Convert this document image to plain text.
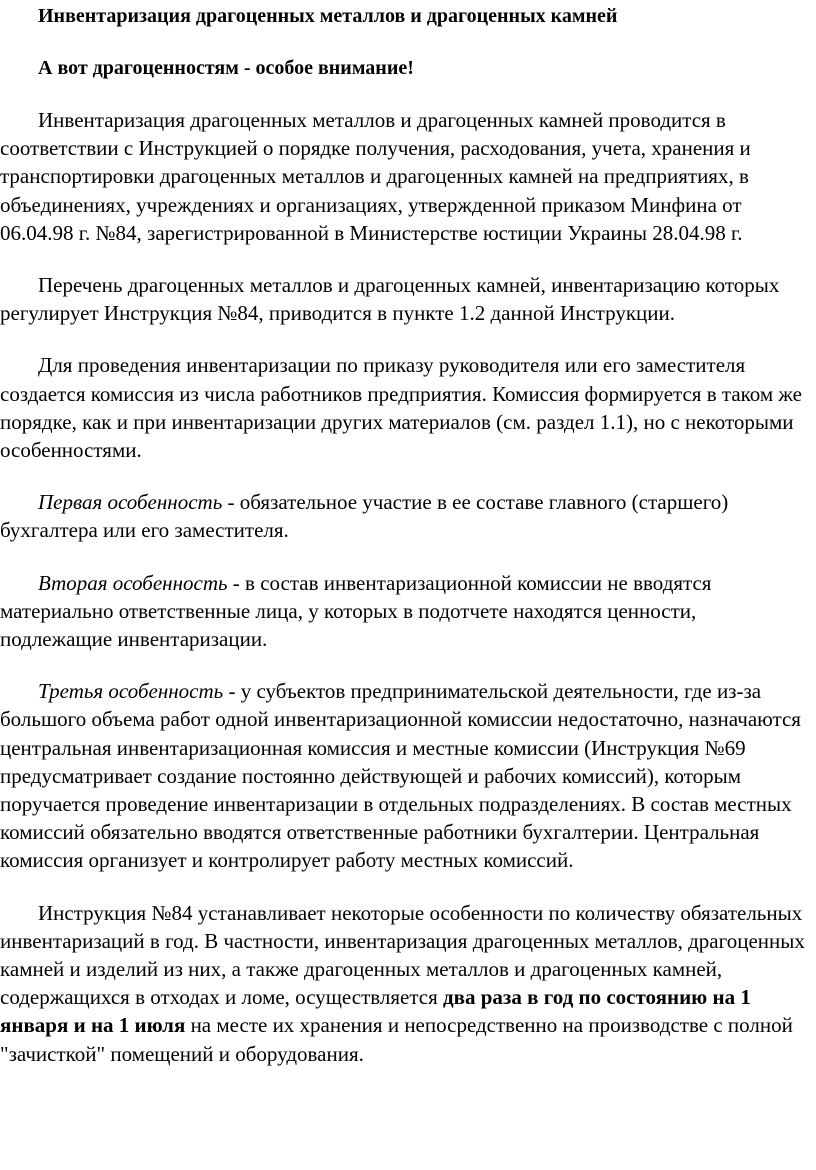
Инвентаризация драгоценных металлов и драгоценных камней
А вот драгоценностям - особое внимание!

Инвентаризация драгоценных металлов и драгоценных камней проводится в соответствии с Инструкцией о порядке получения, расходования, учета, хранения и транспортировки драгоценных металлов и драгоценных камней на предприятиях, в объединениях, учреждениях и организациях, утвержденной приказом Минфина от 06.04.98 г. №84, зарегистрированной в Министерстве юстиции Украины 28.04.98 г.

Перечень драгоценных металлов и драгоценных камней, инвентаризацию которых регулирует Инструкция №84, приводится в пункте 1.2 данной Инструкции.

Для проведения инвентаризации по приказу руководителя или его заместителя создается комиссия из числа работников предприятия. Комиссия формируется в таком же порядке, как и при инвентаризации других материалов (см. раздел 1.1), но с некоторыми особенностями.

Первая особенность - обязательное участие в ее составе главного (старшего) бухгалтера или его заместителя.

Вторая особенность - в состав инвентаризационной комиссии не вводятся материально ответственные лица, у которых в подотчете находятся ценности, подлежащие инвентаризации.

Третья особенность - у субъектов предпринимательской деятельности, где из-за большого объема работ одной инвентаризационной комиссии недостаточно, назначаются центральная инвентаризационная комиссия и местные комиссии (Инструкция №69 предусматривает создание постоянно действующей и рабочих комиссий), которым поручается проведение инвентаризации в отдельных подразделениях. В состав местных комиссий обязательно вводятся ответственные работники бухгалтерии. Центральная комиссия организует и контролирует работу местных комиссий.

Инструкция №84 устанавливает некоторые особенности по количеству обязательных инвентаризаций в год. В частности, инвентаризация драгоценных металлов, драгоценных камней и изделий из них, а также драгоценных металлов и драгоценных камней, содержащихся в отходах и ломе, осуществляется два раза в год по состоянию на 1 января и на 1 июля на месте их хранения и непосредственно на производстве с полной "зачисткой" помещений и оборудования.
